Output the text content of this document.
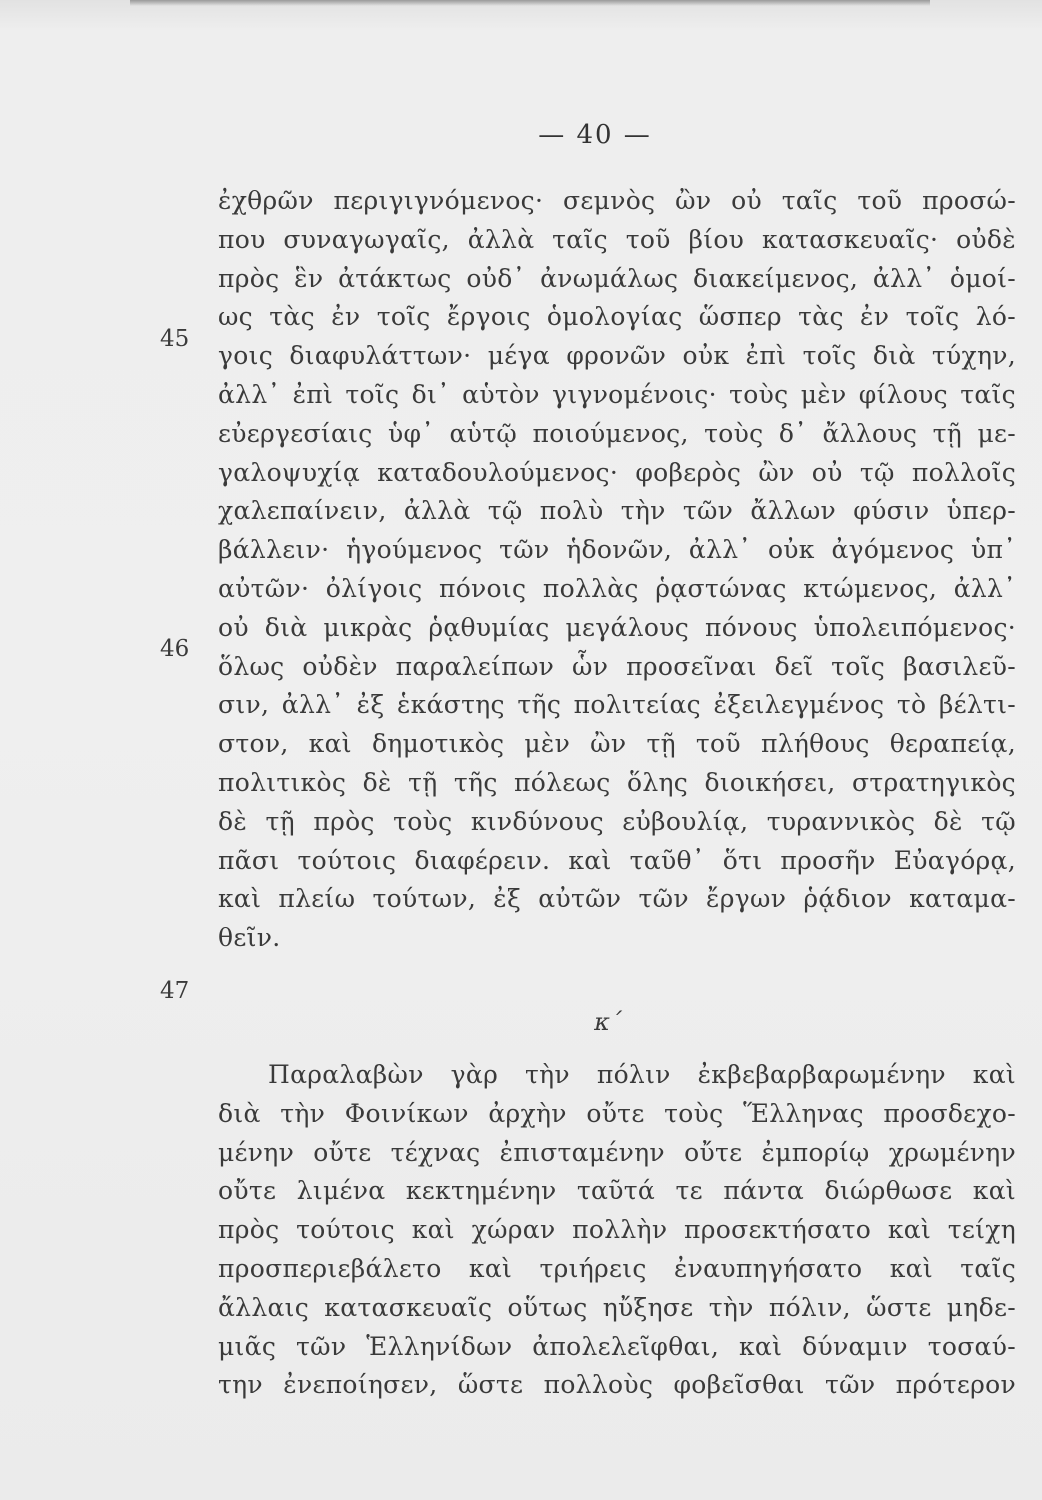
— 40 —
45
46
47
ἐχθρῶν περιγιγνόμενος· σεμνὸς ὢν οὐ ταῖς τοῦ προσώ-
που συναγωγαῖς, ἀλλὰ ταῖς τοῦ βίου κατασκευαῖς· οὐδὲ
πρὸς ἓν ἀτάκτως οὐδ᾿ ἀνωμάλως διακείμενος, ἀλλ᾿ ὁμοί-
ως τὰς ἐν τοῖς ἔργοις ὁμολογίας ὥσπερ τὰς ἐν τοῖς λό-
γοις διαφυλάττων· μέγα φρονῶν οὐκ ἐπὶ τοῖς διὰ τύχην,
ἀλλ᾿ ἐπὶ τοῖς δι᾿ αὑτὸν γιγνομένοις· τοὺς μὲν φίλους ταῖς
εὐεργεσίαις ὑφ᾿ αὑτῷ ποιούμενος, τοὺς δ᾿ ἄλλους τῇ με-
γαλοψυχίᾳ καταδουλούμενος· φοβερὸς ὢν οὐ τῷ πολλοῖς
χαλεπαίνειν, ἀλλὰ τῷ πολὺ τὴν τῶν ἄλλων φύσιν ὑπερ-
βάλλειν· ἡγούμενος τῶν ἡδονῶν, ἀλλ᾿ οὐκ ἀγόμενος ὑπ᾿
αὐτῶν· ὀλίγοις πόνοις πολλὰς ῥᾳστώνας κτώμενος, ἀλλ᾿
οὐ διὰ μικρὰς ῥᾳθυμίας μεγάλους πόνους ὑπολειπόμενος·
ὅλως οὐδὲν παραλείπων ὧν προσεῖναι δεῖ τοῖς βασιλεῦ-
σιν, ἀλλ᾿ ἐξ ἑκάστης τῆς πολιτείας ἐξειλεγμένος τὸ βέλτι-
στον, καὶ δημοτικὸς μὲν ὢν τῇ τοῦ πλήθους θεραπείᾳ,
πολιτικὸς δὲ τῇ τῆς πόλεως ὅλης διοικήσει, στρατηγικὸς
δὲ τῇ πρὸς τοὺς κινδύνους εὐβουλίᾳ, τυραννικὸς δὲ τῷ
πᾶσι τούτοις διαφέρειν. καὶ ταῦθ᾿ ὅτι προσῆν Εὐαγόρᾳ,
καὶ πλείω τούτων, ἐξ αὐτῶν τῶν ἔργων ῥᾴδιον καταμα-
θεῖν.
κ΄
Παραλαβὼν γὰρ τὴν πόλιν ἐκβεβαρβαρωμένην καὶ
διὰ τὴν Φοινίκων ἀρχὴν οὔτε τοὺς Ἕλληνας προσδεχο-
μένην οὔτε τέχνας ἐπισταμένην οὔτε ἐμπορίῳ χρωμένην
οὔτε λιμένα κεκτημένην ταῦτά τε πάντα διώρθωσε καὶ
πρὸς τούτοις καὶ χώραν πολλὴν προσεκτήσατο καὶ τείχη
προσπεριεβάλετο καὶ τριήρεις ἐναυπηγήσατο καὶ ταῖς
ἄλλαις κατασκευαῖς οὕτως ηὔξησε τὴν πόλιν, ὥστε μηδε-
μιᾶς τῶν Ἑλληνίδων ἀπολελεῖφθαι, καὶ δύναμιν τοσαύ-
την ἐνεποίησεν, ὥστε πολλοὺς φοβεῖσθαι τῶν πρότερον
